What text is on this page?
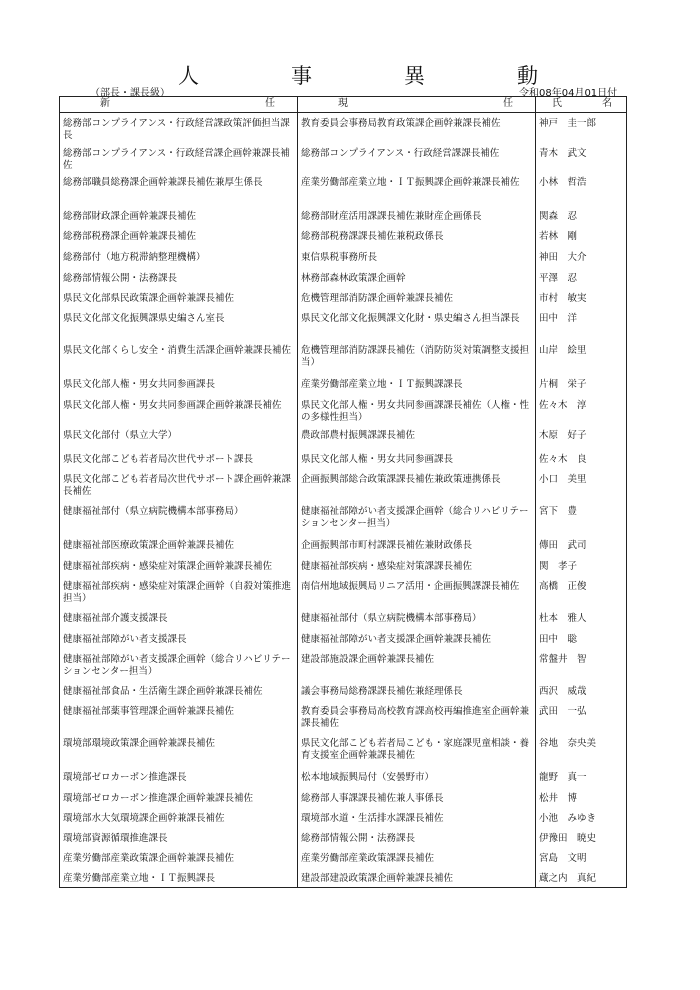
人	事	異	動
（部長・課長級）	令和08年04月01日付
新 任	現 任	氏 名

総務部コンプライアンス・行政経営課政策評価担当課長	教育委員会事務局教育政策課企画幹兼課長補佐	神戸　圭一郎

総務部コンプライアンス・行政経営課企画幹兼課長補佐	総務部コンプライアンス・行政経営課課長補佐	青木　武文

総務部職員総務課企画幹兼課長補佐兼厚生係長	産業労働部産業立地・ＩＴ振興課企画幹兼課長補佐	小林　哲浩

総務部財政課企画幹兼課長補佐	総務部財産活用課課長補佐兼財産企画係長	関森　忍

総務部税務課企画幹兼課長補佐	総務部税務課課長補佐兼税政係長	若林　剛

総務部付（地方税滞納整理機構）	東信県税事務所長	神田　大介

総務部情報公開・法務課長	林務部森林政策課企画幹	平澤　忍

県民文化部県民政策課企画幹兼課長補佐	危機管理部消防課企画幹兼課長補佐	市村　敏実

県民文化部文化振興課県史編さん室長	県民文化部文化振興課文化財・県史編さん担当課長	田中　洋

県民文化部くらし安全・消費生活課企画幹兼課長補佐	危機管理部消防課課長補佐（消防防災対策調整支援担当）	山岸　絵里

県民文化部人権・男女共同参画課長	産業労働部産業立地・ＩＴ振興課課長	片桐　栄子

県民文化部人権・男女共同参画課企画幹兼課長補佐	県民文化部人権・男女共同参画課課長補佐（人権・性の多様性担当）	佐々木　淳

県民文化部付（県立大学）	農政部農村振興課課長補佐	木原　好子

県民文化部こども若者局次世代サポート課長	県民文化部人権・男女共同参画課長	佐々木　良

県民文化部こども若者局次世代サポート課企画幹兼課長補佐	企画振興部総合政策課課長補佐兼政策連携係長	小口　美里

健康福祉部付（県立病院機構本部事務局）	健康福祉部障がい者支援課企画幹（総合リハビリテーションセンター担当）	宮下　豊

健康福祉部医療政策課企画幹兼課長補佐	企画振興部市町村課課長補佐兼財政係長	傳田　武司

健康福祉部疾病・感染症対策課企画幹兼課長補佐	健康福祉部疾病・感染症対策課課長補佐	関　孝子

健康福祉部疾病・感染症対策課企画幹（自殺対策推進担当）	南信州地域振興局リニア活用・企画振興課課長補佐	高橋　正俊

健康福祉部介護支援課長	健康福祉部付（県立病院機構本部事務局）	杜本　雅人

健康福祉部障がい者支援課長	健康福祉部障がい者支援課企画幹兼課長補佐	田中　聡

健康福祉部障がい者支援課企画幹（総合リハビリテーションセンター担当）	建設部施設課企画幹兼課長補佐	常盤井　智

健康福祉部食品・生活衛生課企画幹兼課長補佐	議会事務局総務課課長補佐兼経理係長	西沢　威哉

健康福祉部薬事管理課企画幹兼課長補佐	教育委員会事務局高校教育課高校再編推進室企画幹兼課長補佐	武田　一弘

環境部環境政策課企画幹兼課長補佐	県民文化部こども若者局こども・家庭課児童相談・養育支援室企画幹兼課長補佐	谷地　奈央美

環境部ゼロカーボン推進課長	松本地域振興局付（安曇野市）	龍野　真一

環境部ゼロカーボン推進課企画幹兼課長補佐	総務部人事課課長補佐兼人事係長	松井　博

環境部水大気環境課企画幹兼課長補佐	環境部水道・生活排水課課長補佐	小池　みゆき

環境部資源循環推進課長	総務部情報公開・法務課長	伊豫田　暁史

産業労働部産業政策課企画幹兼課長補佐	産業労働部産業政策課課長補佐	宮島　文明

産業労働部産業立地・ＩＴ振興課長	建設部建設政策課企画幹兼課長補佐	蔵之内　真紀
